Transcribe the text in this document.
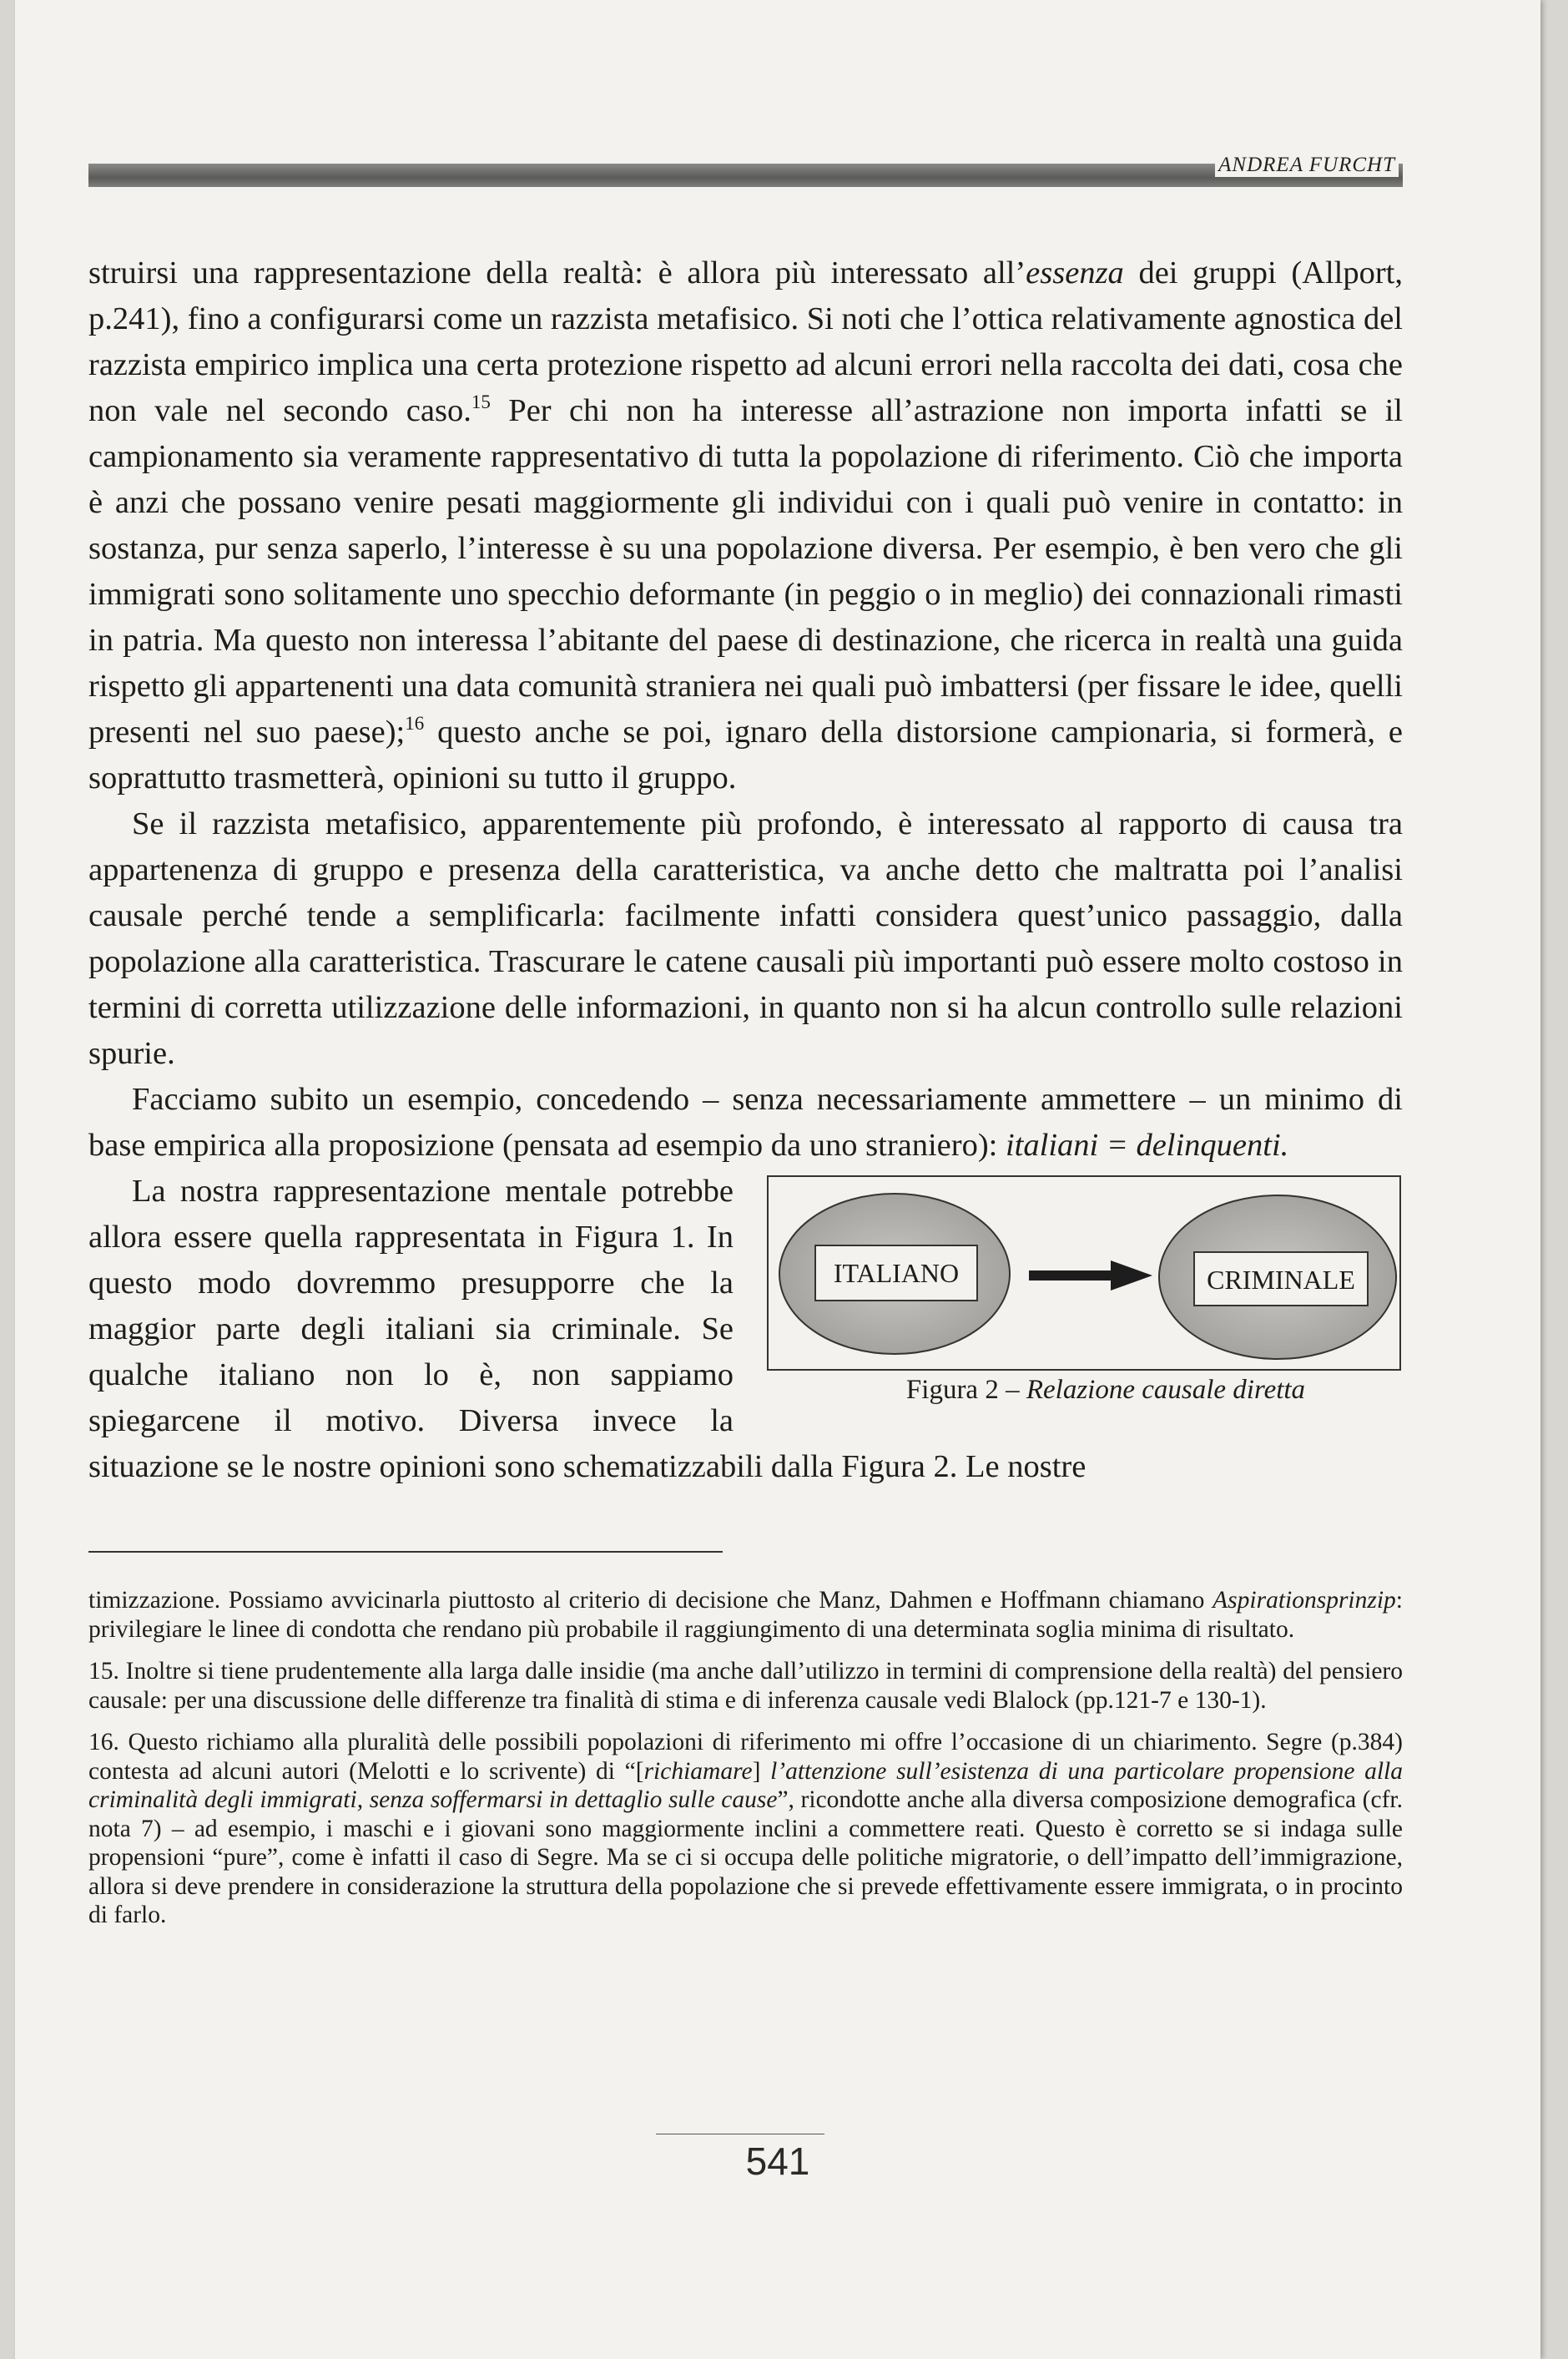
ANDREA FURCHT

struirsi una rappresentazione della realtà: è allora più interessato all’essenza dei gruppi (Allport, p.241), fino a configurarsi come un razzista metafisico. Si noti che l’ottica relativamente agnostica del razzista empirico implica una certa protezione rispetto ad alcuni errori nella raccolta dei dati, cosa che non vale nel secondo caso.$^{15}$ Per chi non ha interesse all’astrazione non importa infatti se il campionamento sia veramente rappresentativo di tutta la popolazione di riferimento. Ciò che importa è anzi che possano venire pesati maggiormente gli individui con i quali può venire in contatto: in sostanza, pur senza saperlo, l’interesse è su una popolazione diversa. Per esempio, è ben vero che gli immigrati sono solitamente uno specchio deformante (in peggio o in meglio) dei connazionali rimasti in patria. Ma questo non interessa l’abitante del paese di destinazione, che ricerca in realtà una guida rispetto gli appartenenti una data comunità straniera nei quali può imbattersi (per fissare le idee, quelli presenti nel suo paese);$^{16}$ questo anche se poi, ignaro della distorsione campionaria, si formerà, e soprattutto trasmetterà, opinioni su tutto il gruppo.

Se il razzista metafisico, apparentemente più profondo, è interessato al rapporto di causa tra appartenenza di gruppo e presenza della caratteristica, va anche detto che maltratta poi l’analisi causale perché tende a semplificarla: facilmente infatti considera quest’unico passaggio, dalla popolazione alla caratteristica. Trascurare le catene causali più importanti può essere molto costoso in termini di corretta utilizzazione delle informazioni, in quanto non si ha alcun controllo sulle relazioni spurie.

Facciamo subito un esempio, concedendo – senza necessariamente ammettere – un minimo di base empirica alla proposizione (pensata ad esempio da uno straniero): italiani = delinquenti.

ITALIANO	CRIMINALE
Figura 2 – Relazione causale diretta
La nostra rappresentazione mentale potrebbe allora essere quella rappresentata in Figura 1. In questo modo dovremmo presupporre che la maggior parte degli italiani sia criminale. Se qualche italiano non lo è, non sappiamo spiegarcene il motivo. Diversa invece la situazione se le nostre opinioni sono schematizzabili dalla Figura 2. Le nostre

timizzazione. Possiamo avvicinarla piuttosto al criterio di decisione che Manz, Dahmen e Hoffmann chiamano Aspirationsprinzip: privilegiare le linee di condotta che rendano più probabile il raggiungimento di una determinata soglia minima di risultato.

15. Inoltre si tiene prudentemente alla larga dalle insidie (ma anche dall’utilizzo in termini di comprensione della realtà) del pensiero causale: per una discussione delle differenze tra finalità di stima e di inferenza causale vedi Blalock (pp.121-7 e 130-1).

16. Questo richiamo alla pluralità delle possibili popolazioni di riferimento mi offre l’occasione di un chiarimento. Segre (p.384) contesta ad alcuni autori (Melotti e lo scrivente) di “[richiamare] l’attenzione sull’esistenza di una particolare propensione alla criminalità degli immigrati, senza soffermarsi in dettaglio sulle cause”, ricondotte anche alla diversa composizione demografica (cfr. nota 7) – ad esempio, i maschi e i giovani sono maggiormente inclini a commettere reati. Questo è corretto se si indaga sulle propensioni “pure”, come è infatti il caso di Segre. Ma se ci si occupa delle politiche migratorie, o dell’impatto dell’immigrazione, allora si deve prendere in considerazione la struttura della popolazione che si prevede effettivamente essere immigrata, o in procinto di farlo.

541
